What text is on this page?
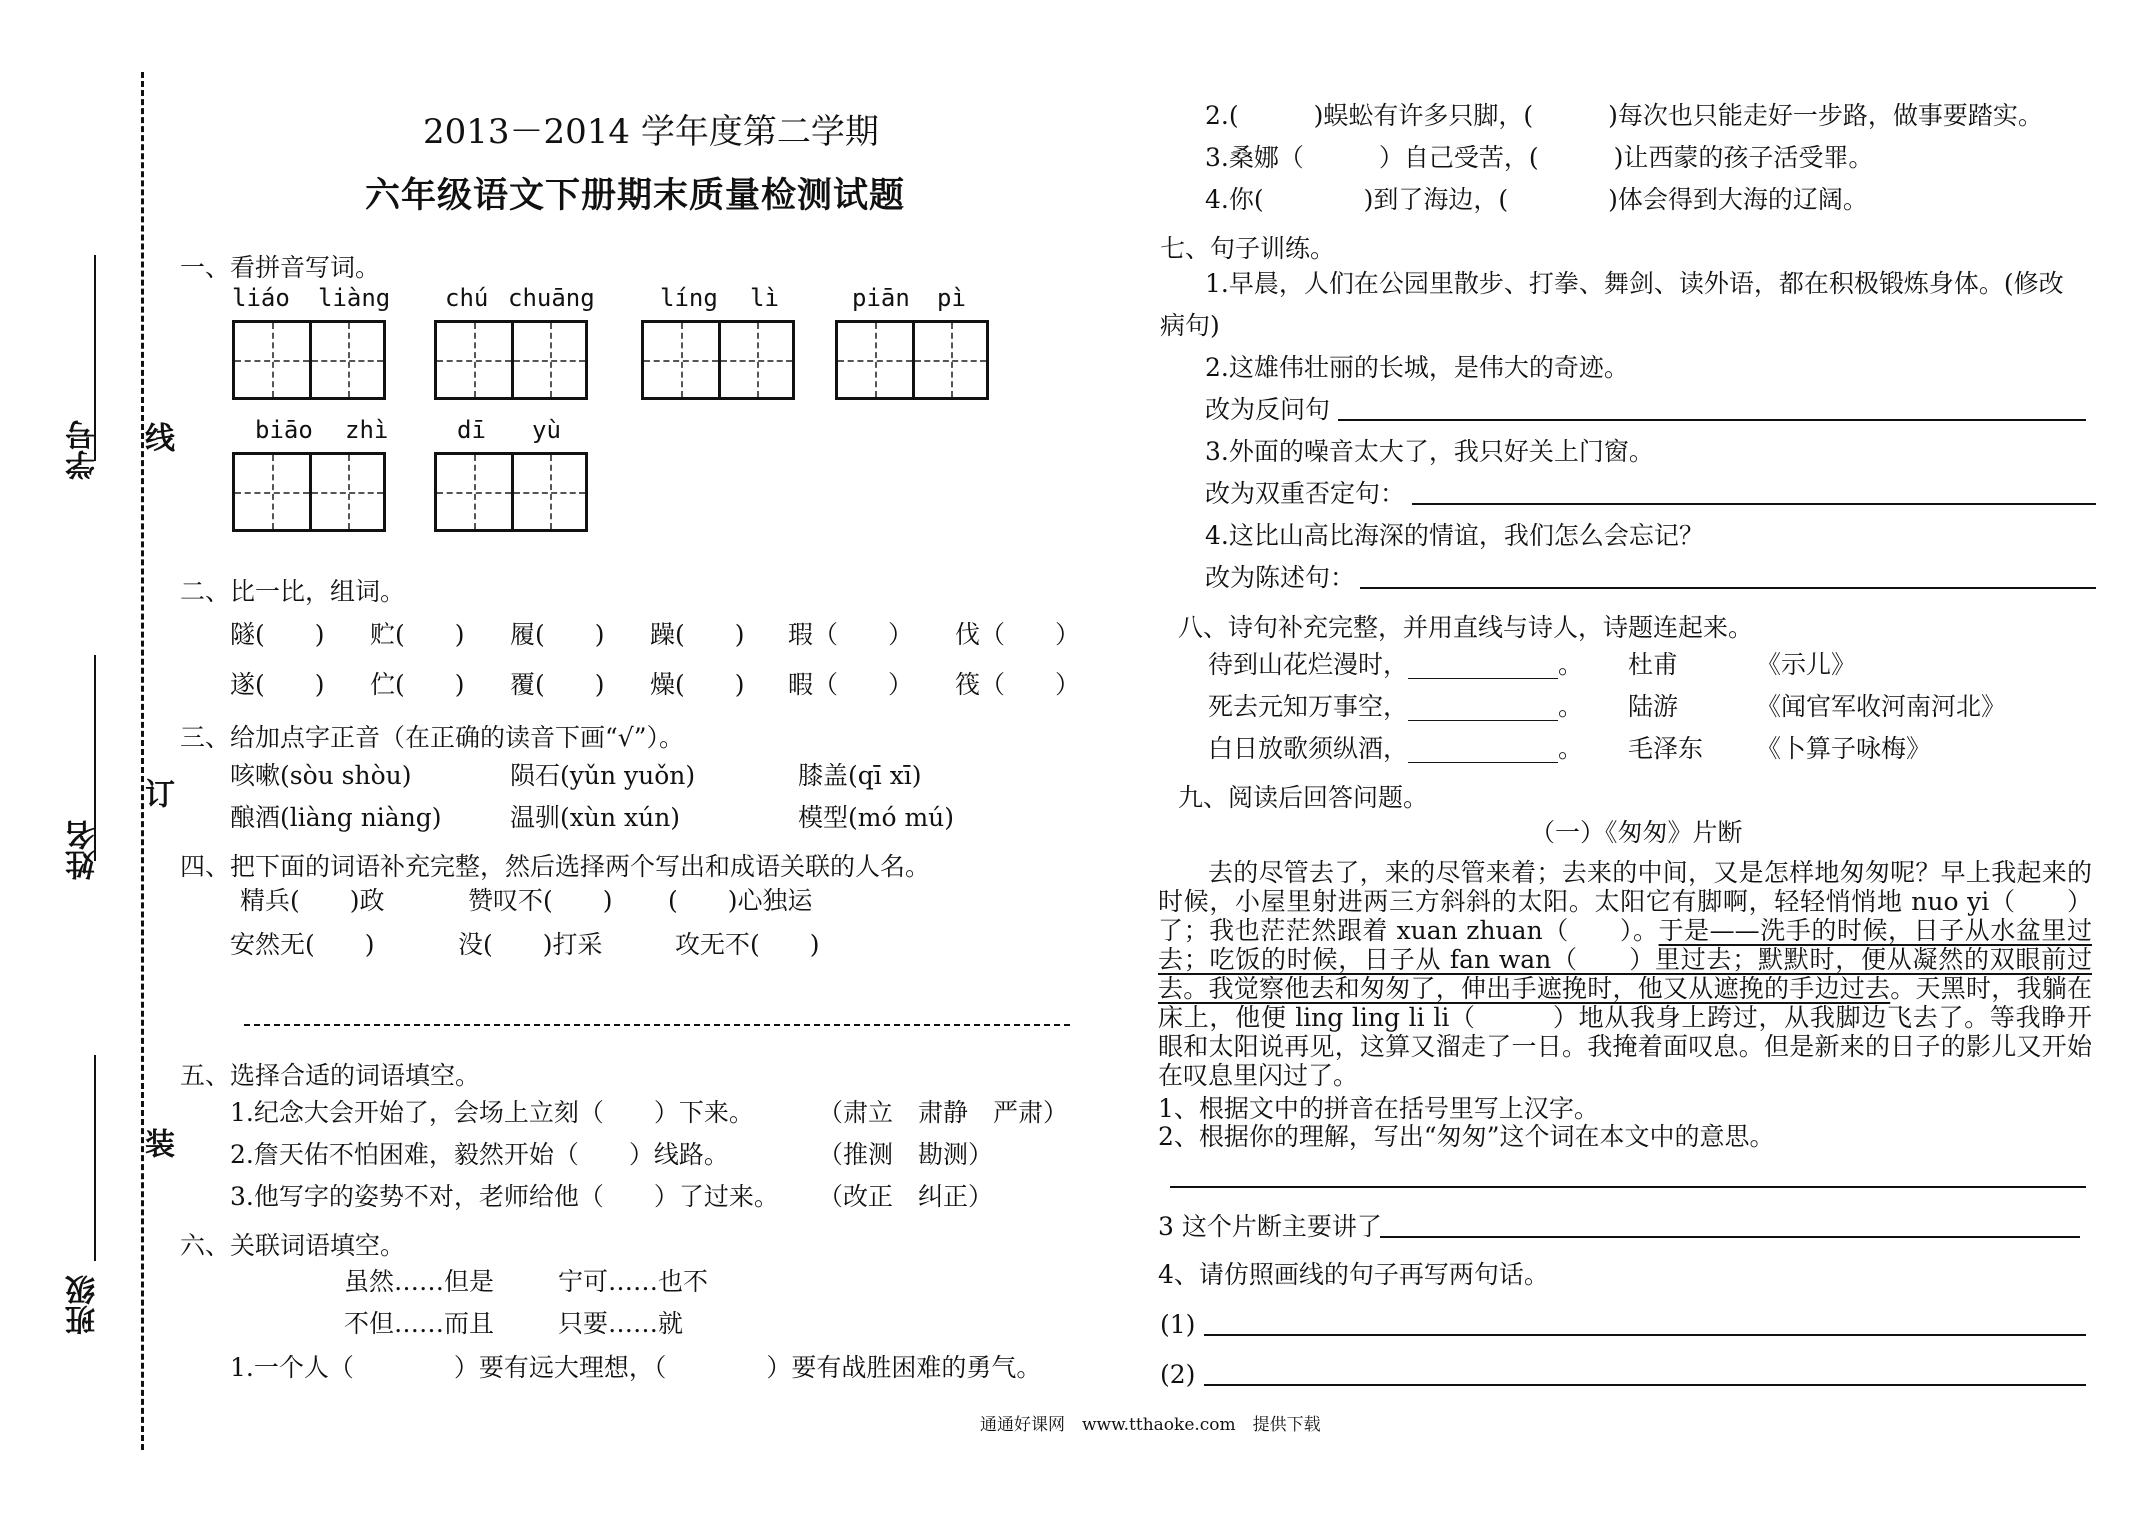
学号
姓名
班级
线
订
装
2013－2014 学年度第二学期
六年级语文下册期末质量检测试题
一、看拼音写词。
liáo liàng chú chuāng	líng lì	piān pì
biāo zhì	dī yù
二、比一比，组词。
隧(　　) 贮(　　) 履(　　) 躁(　　) 瑕（　　） 伐（　　）
遂(　　) 伫(　　) 覆(　　) 燥(　　) 暇（　　） 筏（　　）
三、给加点字正音（在正确的读音下画“√”）。
咳嗽(sòu shòu)	陨石(yǔn yuǒn)	膝盖(qī xī)
酿酒(liàng niàng)	温驯(xùn xún)	模型(mó mú)
四、把下面的词语补充完整，然后选择两个写出和成语关联的人名。
精兵(　　)政	赞叹不(　　) (　　)心独运
安然无(　　)	没(　　)打采	攻无不(　　)
五、选择合适的词语填空。
1.纪念大会开始了，会场上立刻（　　）下来。	（肃立　肃静　严肃）
2.詹天佑不怕困难，毅然开始（　　）线路。	（推测　勘测）
3.他写字的姿势不对，老师给他（　　）了过来。 （改正　纠正）
六、关联词语填空。
虽然……但是	宁可……也不
不但……而且	只要……就
1.一个人（　　　　）要有远大理想，（　　　　）要有战胜困难的勇气。
2.(　　　)蜈蚣有许多只脚，(　　　)每次也只能走好一步路，做事要踏实。
3.桑娜（　　　）自己受苦，(　　　)让西蒙的孩子活受罪。
4.你(　　　　)到了海边，(　　　　)体会得到大海的辽阔。
七、句子训练。
1.早晨，人们在公园里散步、打拳、舞剑、读外语，都在积极锻炼身体。(修改
病句)
2.这雄伟壮丽的长城，是伟大的奇迹。
改为反问句
3.外面的噪音太大了，我只好关上门窗。
改为双重否定句：
4.这比山高比海深的情谊，我们怎么会忘记？
改为陈述句：
八、诗句补充完整，并用直线与诗人，诗题连起来。
待到山花烂漫时，____________。 杜甫	《示儿》
死去元知万事空，____________。 陆游	《闻官军收河南河北》
白日放歌须纵酒，____________。 毛泽东 《卜算子咏梅》
九、阅读后回答问题。
（一）《匆匆》片断
去的尽管去了，来的尽管来着；去来的中间，又是怎样地匆匆呢？早上我起来的时候，小屋里射进两三方斜斜的太阳。太阳它有脚啊，轻轻悄悄地 nuo yi（　　）了；我也茫茫然跟着 xuan zhuan（　　）。于是——洗手的时候，日子从水盆里过去；吃饭的时候，日子从 fan wan（　　）里过去；默默时，便从凝然的双眼前过去。我觉察他去和匆匆了，伸出手遮挽时，他又从遮挽的手边过去。天黑时，我躺在床上，他便 ling ling li li（　　　）地从我身上跨过，从我脚边飞去了。等我睁开眼和太阳说再见，这算又溜走了一日。我掩着面叹息。但是新来的日子的影儿又开始在叹息里闪过了。
1、根据文中的拼音在括号里写上汉字。
2、根据你的理解，写出“匆匆”这个词在本文中的意思。
3 这个片断主要讲了
4、请仿照画线的句子再写两句话。
(1)
(2)
通通好课网　www.tthaoke.com　提供下载
